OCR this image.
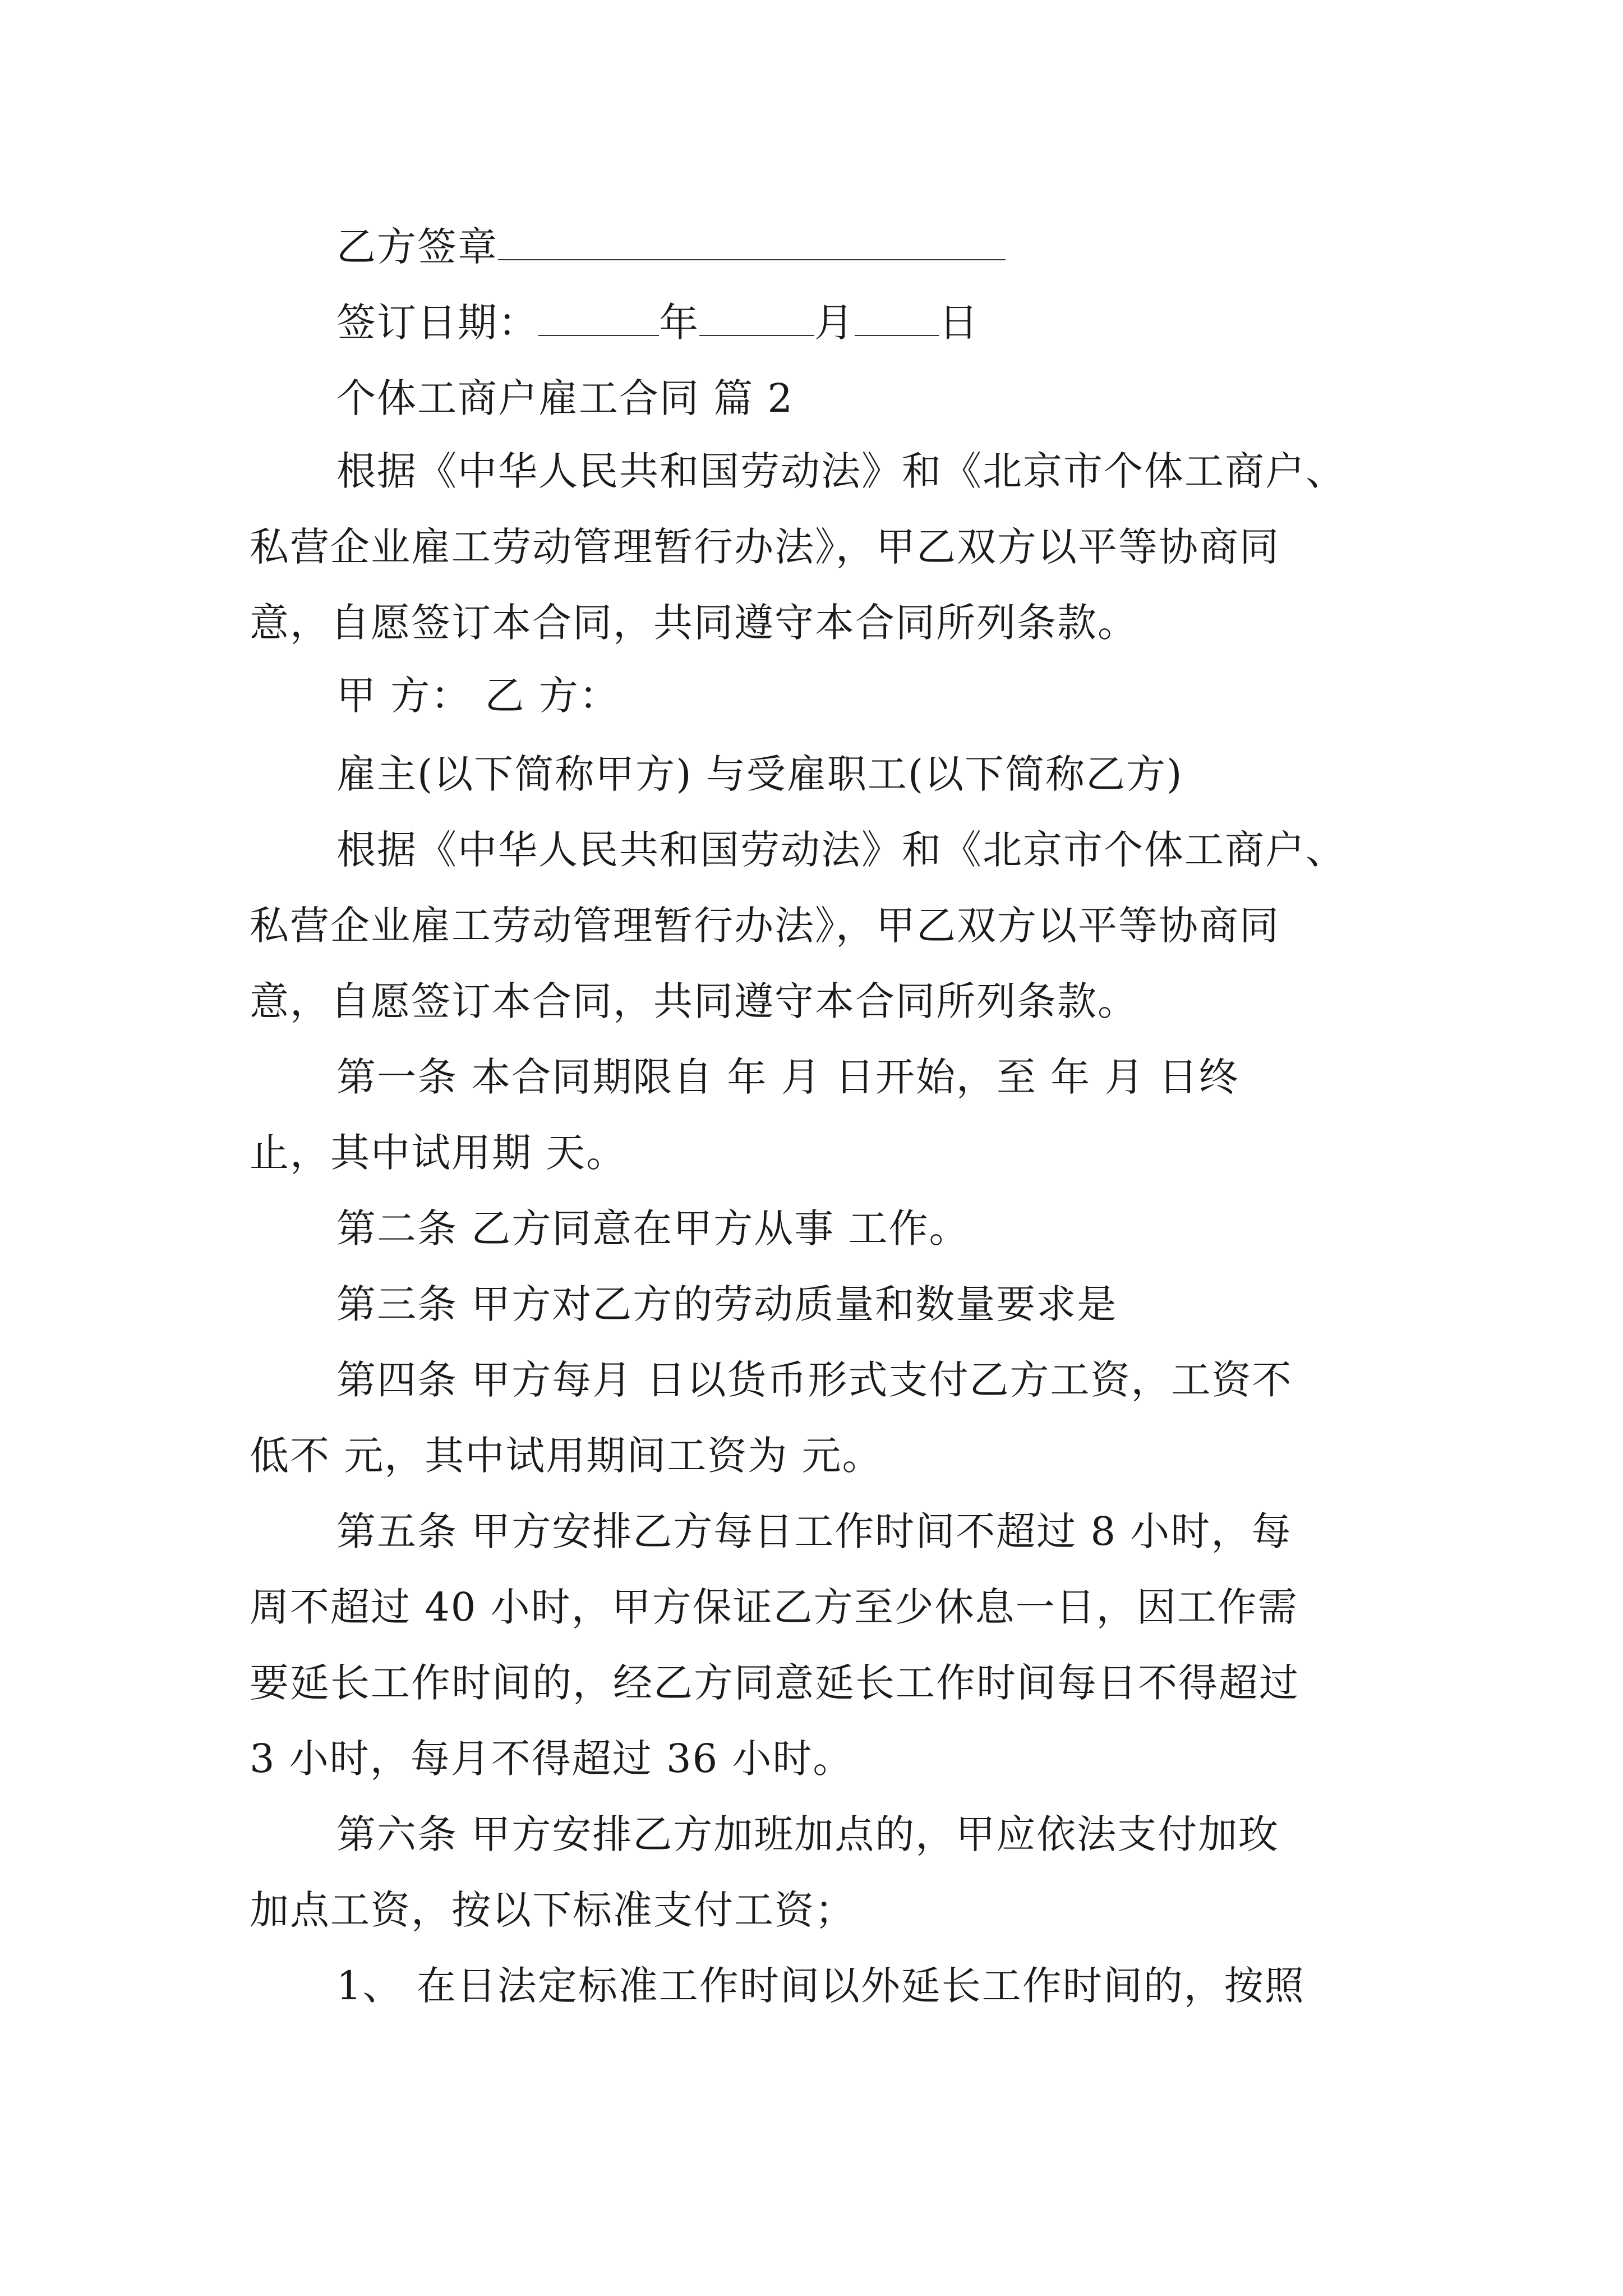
乙方签章
签订日期：	年	月 日
个体工商户雇工合同 篇 2
根据《中华人民共和国劳动法》和《北京市个体工商户、
私营企业雇工劳动管理暂行办法》，甲乙双方以平等协商同
意，自愿签订本合同，共同遵守本合同所列条款。
甲 方： 乙 方：
雇主(以下简称甲方) 与受雇职工(以下简称乙方)
根据《中华人民共和国劳动法》和《北京市个体工商户、
私营企业雇工劳动管理暂行办法》，甲乙双方以平等协商同
意，自愿签订本合同，共同遵守本合同所列条款。
第一条 本合同期限自 年 月 日开始，至 年 月 日终
止，其中试用期 天。
第二条 乙方同意在甲方从事 工作。
第三条 甲方对乙方的劳动质量和数量要求是
第四条 甲方每月 日以货币形式支付乙方工资，工资不
低不 元，其中试用期间工资为 元。
第五条 甲方安排乙方每日工作时间不超过 8 小时，每
周不超过 40 小时，甲方保证乙方至少休息一日，因工作需
要延长工作时间的，经乙方同意延长工作时间每日不得超过
3 小时，每月不得超过 36 小时。
第六条 甲方安排乙方加班加点的，甲应依法支付加玫
加点工资，按以下标准支付工资；
1、 在日法定标准工作时间以外延长工作时间的，按照
